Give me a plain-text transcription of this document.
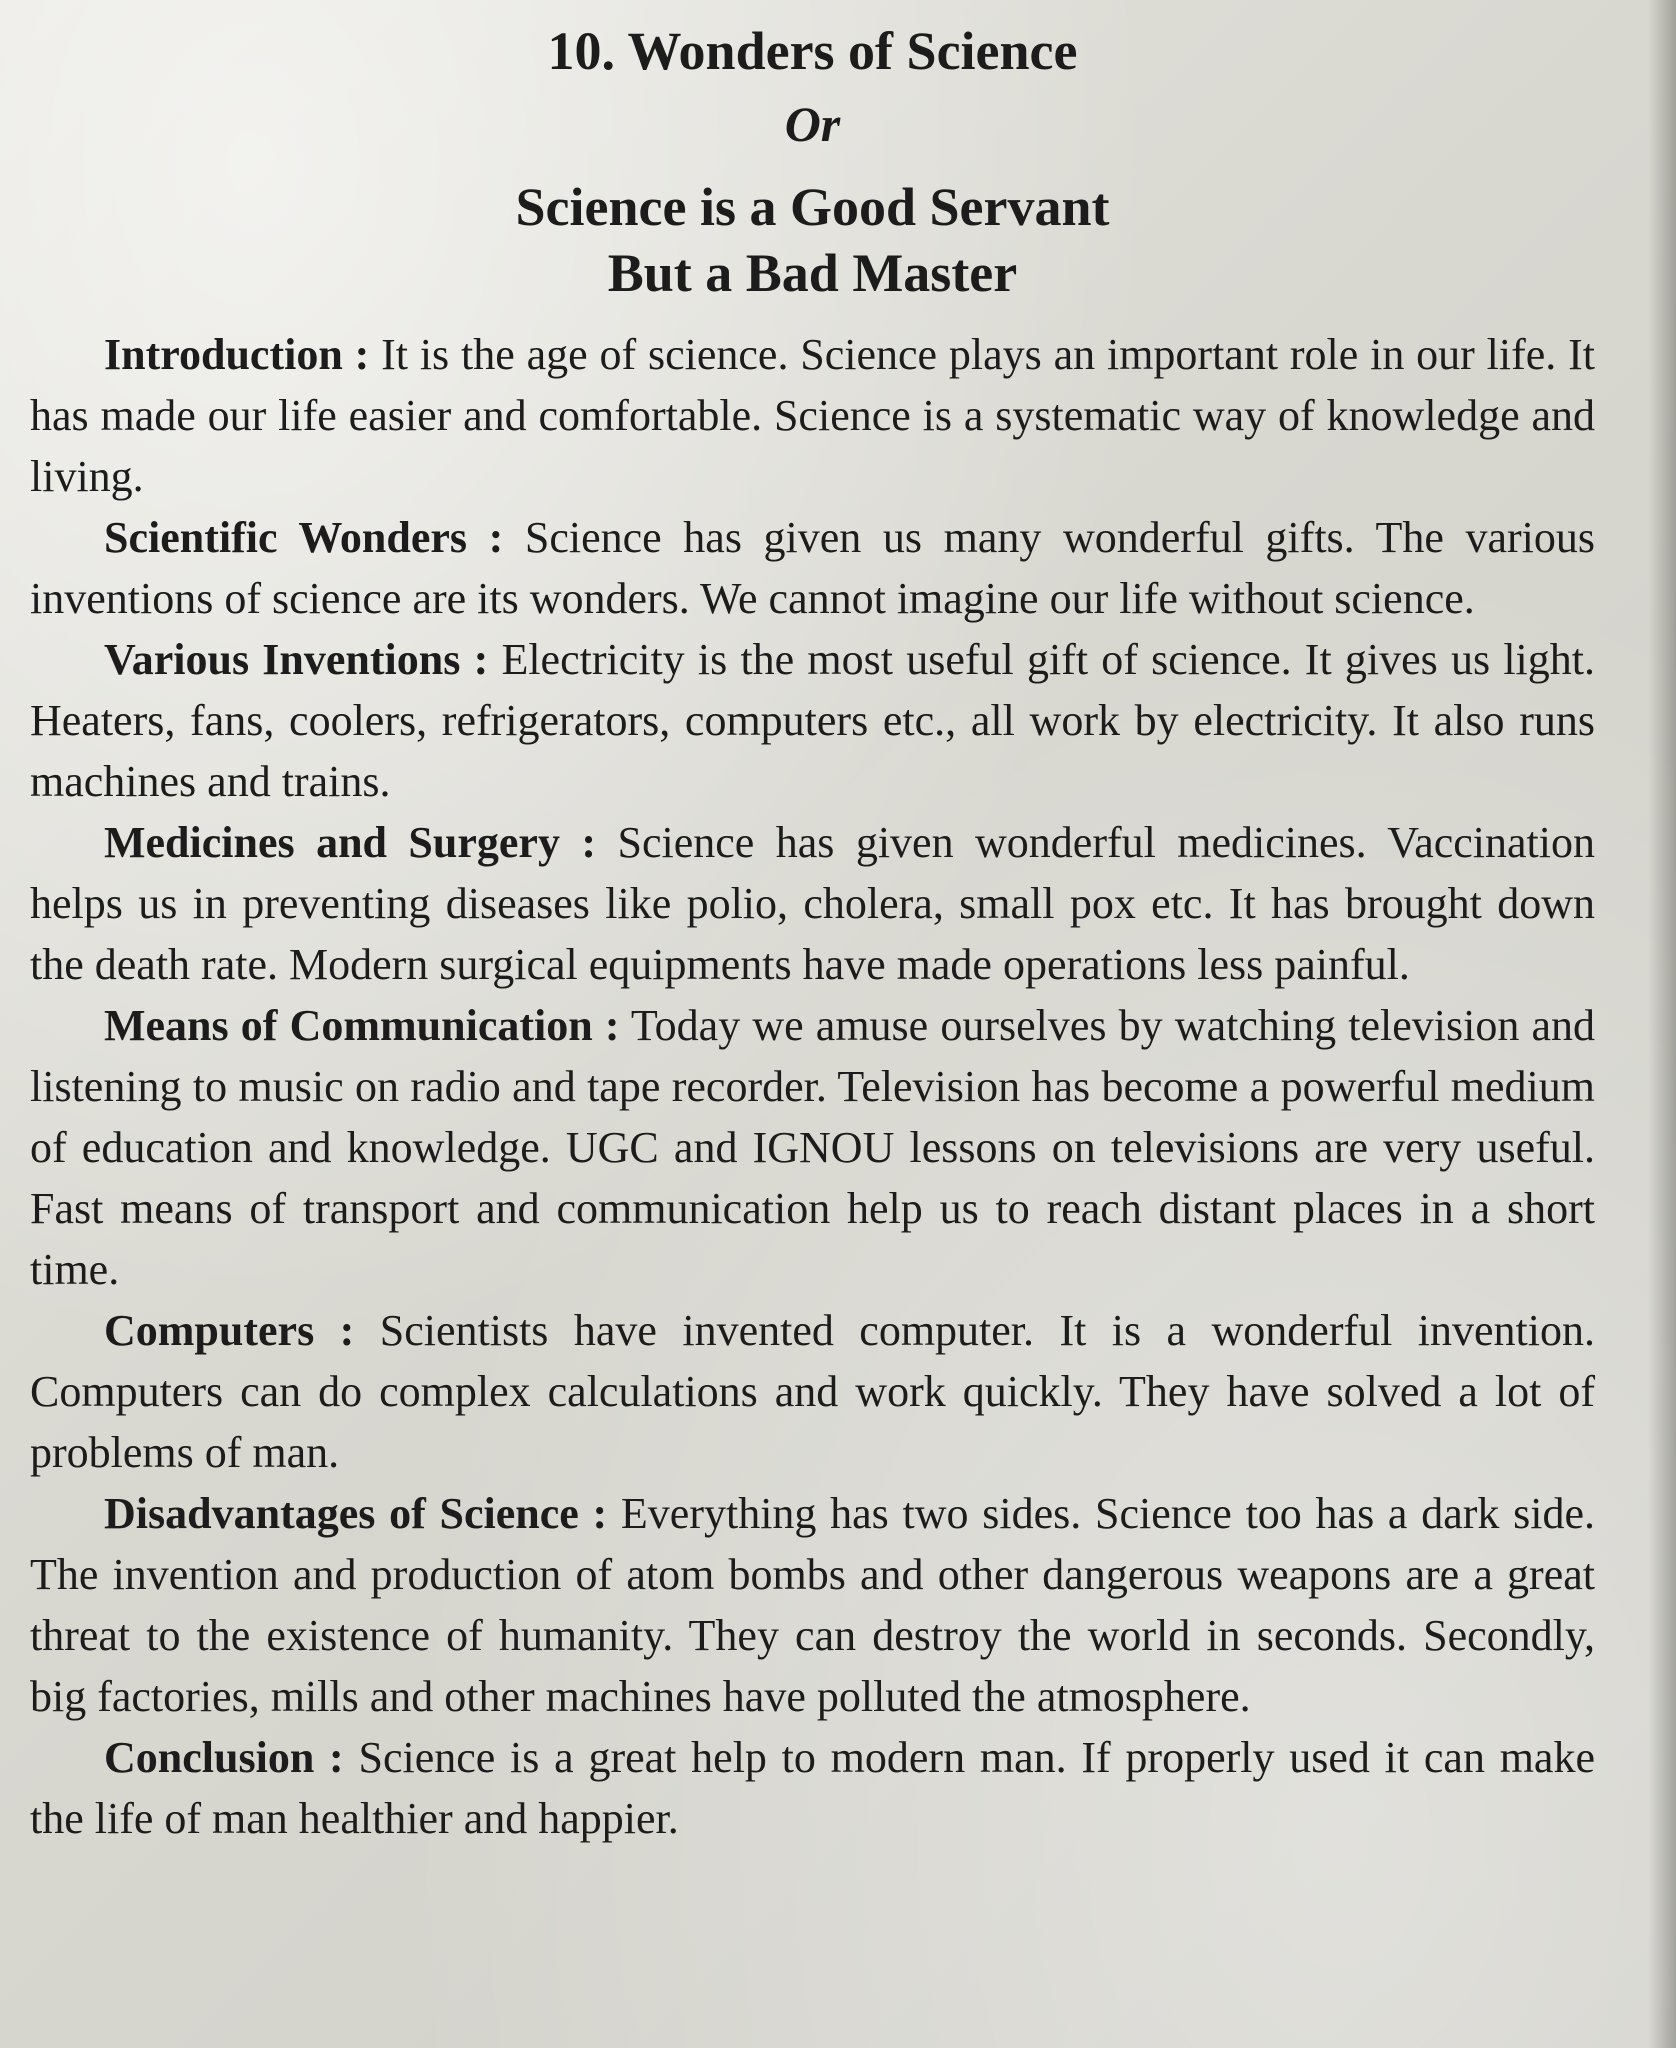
10. Wonders of Science
Or
Science is a Good Servant
But a Bad Master

Introduction : It is the age of science. Science plays an important role in our life. It has made our life easier and comfortable. Science is a systematic way of knowledge and living.

Scientific Wonders : Science has given us many wonderful gifts. The various inventions of science are its wonders. We cannot imagine our life without science.

Various Inventions : Electricity is the most useful gift of science. It gives us light. Heaters, fans, coolers, refrigerators, computers etc., all work by electricity. It also runs machines and trains.

Medicines and Surgery : Science has given wonderful medicines. Vaccination helps us in preventing diseases like polio, cholera, small pox etc. It has brought down the death rate. Modern surgical equipments have made operations less painful.

Means of Communication : Today we amuse ourselves by watching television and listening to music on radio and tape recorder. Television has become a powerful medium of education and knowledge. UGC and IGNOU lessons on televisions are very useful. Fast means of transport and communication help us to reach distant places in a short time.

Computers : Scientists have invented computer. It is a wonderful invention. Computers can do complex calculations and work quickly. They have solved a lot of problems of man.

Disadvantages of Science : Everything has two sides. Science too has a dark side. The invention and production of atom bombs and other dangerous weapons are a great threat to the existence of humanity. They can destroy the world in seconds. Secondly, big factories, mills and other machines have polluted the atmosphere.

Conclusion : Science is a great help to modern man. If properly used it can make the life of man healthier and happier.
